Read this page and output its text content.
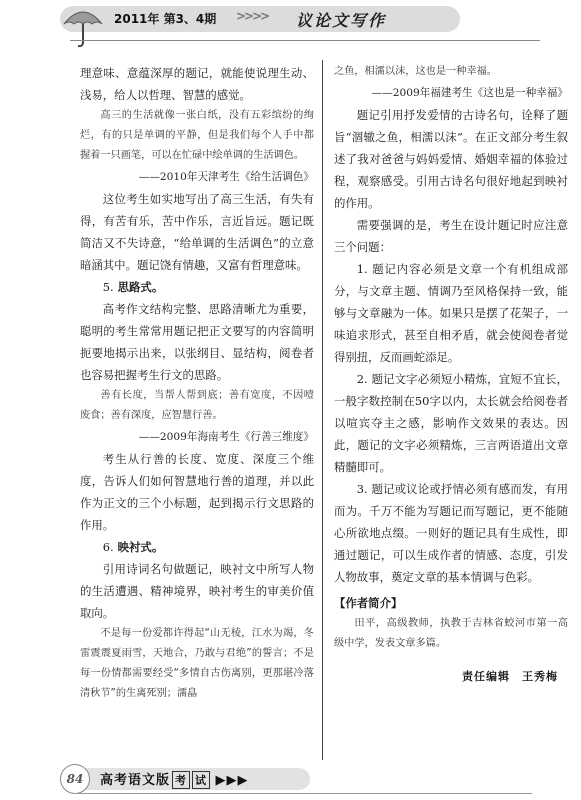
2011年 第3、4期 >>>> 议论文写作

理意味、意蕴深厚的题记，就能使说理生动、浅易，给人以哲理、智慧的感觉。

高三的生活就像一张白纸，没有五彩缤纷的绚烂，有的只是单调的平静，但是我们每个人手中都握着一只画笔，可以在忙碌中绘单调的生活调色。

——2010年天津考生《给生活调色》

这位考生如实地写出了高三生活，有失有得，有苦有乐，苦中作乐，言近旨远。题记既简洁又不失诗意，“给单调的生活调色”的立意暗涵其中。题记饶有情趣，又富有哲理意味。

5. 思路式。

高考作文结构完整、思路清晰尤为重要，聪明的考生常常用题记把正文要写的内容简明扼要地揭示出来，以张纲目、显结构，阅卷者也容易把握考生行文的思路。

善有长度，当帮人帮到底；善有宽度，不因噎废食；善有深度，应智慧行善。

——2009年海南考生《行善三维度》

考生从行善的长度、宽度、深度三个维度，告诉人们如何智慧地行善的道理，并以此作为正文的三个小标题，起到揭示行文思路的作用。

6. 映衬式。

引用诗词名句做题记，映衬文中所写人物的生活遭遇、精神境界，映衬考生的审美价值取向。

不是每一份爱都许得起“山无棱，江水为竭，冬雷震震夏雨雪，天地合，乃敢与君绝”的誓言；不是每一份情都需要经受“多情自古伤离别，更那堪冷落清秋节”的生离死别；濡皛

之鱼，相濡以沫，这也是一种幸福。

——2009年福建考生《这也是一种幸福》

题记引用抒发爱情的古诗名句，诠释了题旨“涸辙之鱼，相濡以沫”。在正文部分考生叙述了我对爸爸与妈妈爱情、婚姻幸福的体验过程，观察感受。引用古诗名句很好地起到映衬的作用。

需要强调的是，考生在设计题记时应注意三个问题：

1. 题记内容必须是文章一个有机组成部分，与文章主题、情调乃至风格保持一致，能够与文章融为一体。如果只是摆了花架子，一味追求形式，甚至自相矛盾，就会使阅卷者觉得别扭，反而画蛇添足。

2. 题记文字必须短小精炼，宜短不宜长，一般字数控制在50字以内，太长就会给阅卷者以喧宾夺主之感，影响作文效果的表达。因此，题记的文字必须精炼，三言两语道出文章精髓即可。

3. 题记或议论或抒情必须有感而发，有用而为。千万不能为写题记而写题记，更不能随心所欲地点缀。一则好的题记具有生成性，即通过题记，可以生成作者的情感、态度，引发人物故事，奠定文章的基本情调与色彩。

【作者简介】

田平，高级教师，执教于吉林省蛟河市第一高级中学，发表文章多篇。

责任编辑　王秀梅

84	高考语文版 考 试 ▶▶▶
